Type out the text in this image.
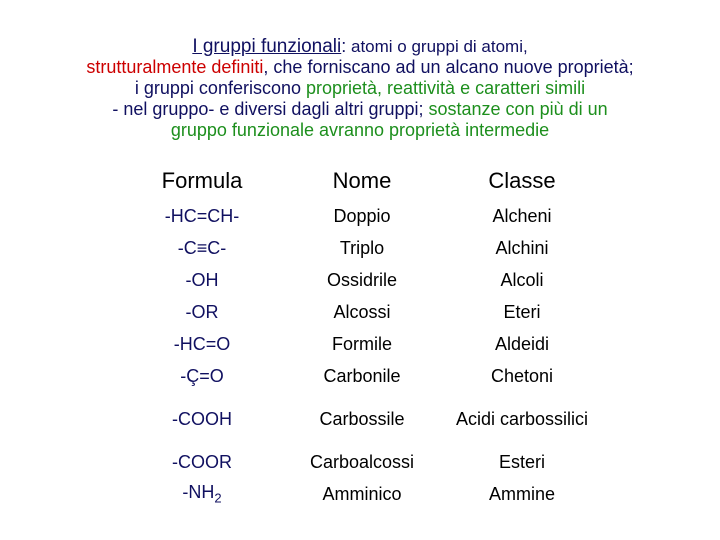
I gruppi funzionali: atomi o gruppi di atomi,
strutturalmente definiti, che forniscano ad un alcano nuove proprietà;
i gruppi conferiscono proprietà, reattività e caratteri simili
- nel gruppo- e diversi dagli altri gruppi; sostanze con più di un
gruppo funzionale avranno proprietà intermedie
Formula	Nome	Classe
-HC=CH-	Doppio	Alcheni
-C≡C-	Triplo	Alchini
-OH	Ossidrile	Alcoli
-OR	Alcossi	Eteri
-HC=O	Formile	Aldeidi
-Ç=O	Carbonile	Chetoni
-COOH	Carbossile	Acidi carbossilici
-COOR	Carboalcossi	Esteri
$-NH_2$	Amminico	Ammine
